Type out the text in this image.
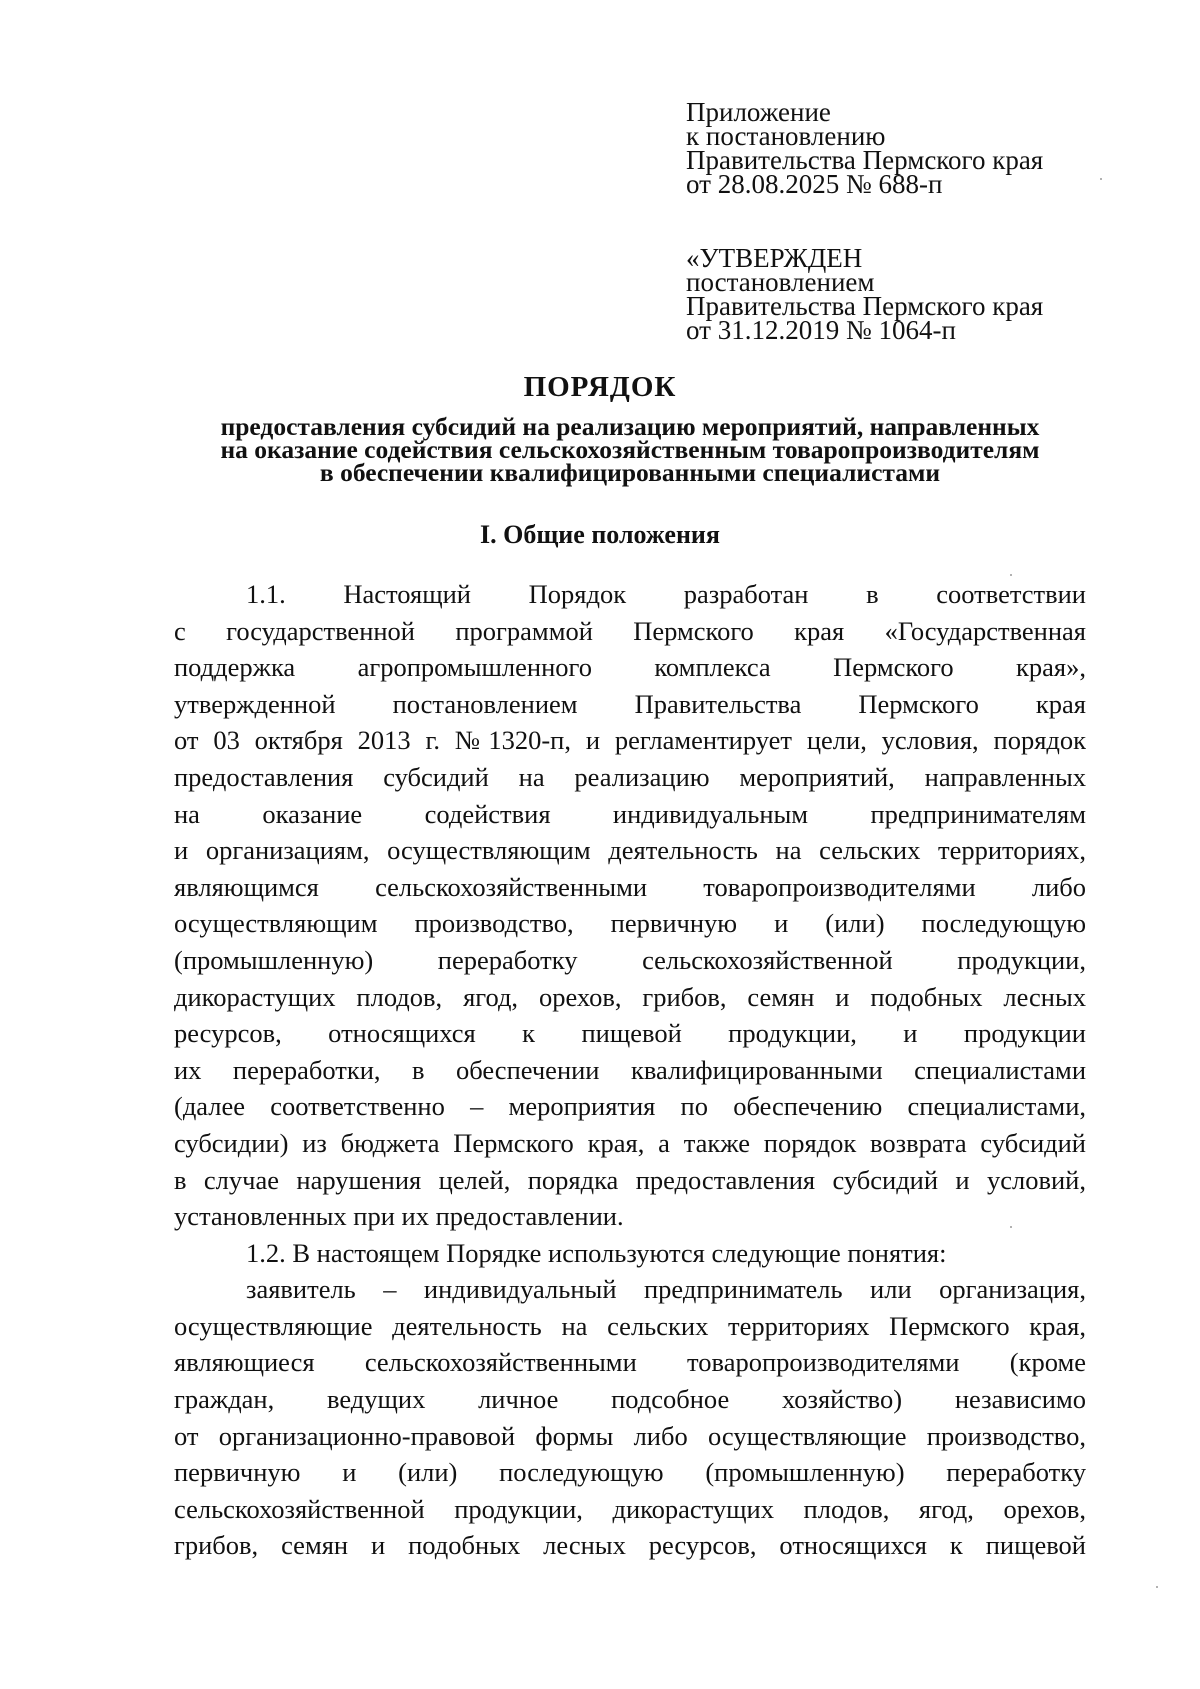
Приложение
к постановлению
Правительства Пермского края
от 28.08.2025 № 688-п
«УТВЕРЖДЕН
постановлением
Правительства Пермского края
от 31.12.2019 № 1064-п
ПОРЯДОК
предоставления субсидий на реализацию мероприятий, направленных
на оказание содействия сельскохозяйственным товаропроизводителям
в обеспечении квалифицированными специалистами
I. Общие положения
1.1. Настоящий Порядок разработан в соответствии
с государственной программой Пермского края «Государственная
поддержка агропромышленного комплекса Пермского края»,
утвержденной постановлением Правительства Пермского края
от 03 октября 2013 г. №1320-п, и регламентирует цели, условия, порядок
предоставления субсидий на реализацию мероприятий, направленных
на оказание содействия индивидуальным предпринимателям
и организациям, осуществляющим деятельность на сельских территориях,
являющимся сельскохозяйственными товаропроизводителями либо
осуществляющим производство, первичную и (или) последующую
(промышленную) переработку сельскохозяйственной продукции,
дикорастущих плодов, ягод, орехов, грибов, семян и подобных лесных
ресурсов, относящихся к пищевой продукции, и продукции
их переработки, в обеспечении квалифицированными специалистами
(далее соответственно – мероприятия по обеспечению специалистами,
субсидии) из бюджета Пермского края, а также порядок возврата субсидий
в случае нарушения целей, порядка предоставления субсидий и условий,
установленных при их предоставлении.
1.2. В настоящем Порядке используются следующие понятия:
заявитель – индивидуальный предприниматель или организация,
осуществляющие деятельность на сельских территориях Пермского края,
являющиеся сельскохозяйственными товаропроизводителями (кроме
граждан, ведущих личное подсобное хозяйство) независимо
от организационно-правовой формы либо осуществляющие производство,
первичную и (или) последующую (промышленную) переработку
сельскохозяйственной продукции, дикорастущих плодов, ягод, орехов,
грибов, семян и подобных лесных ресурсов, относящихся к пищевой
